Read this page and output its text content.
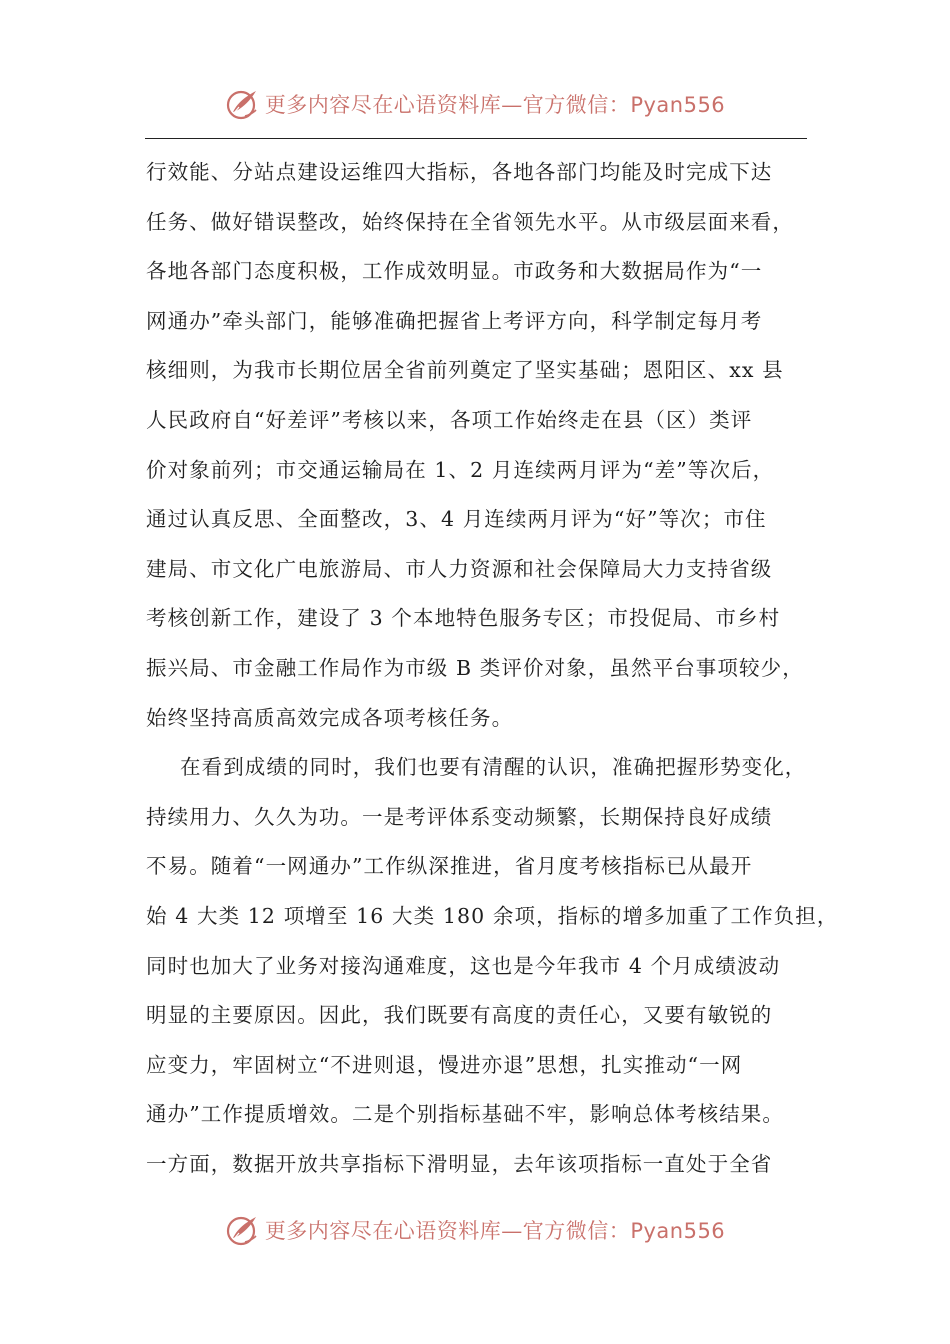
更多内容尽在心语资料库—官方微信：Pyan556
行效能、分站点建设运维四大指标，各地各部门均能及时完成下达
任务、做好错误整改，始终保持在全省领先水平。从市级层面来看，
各地各部门态度积极，工作成效明显。市政务和大数据局作为“一
网通办”牵头部门，能够准确把握省上考评方向，科学制定每月考
核细则，为我市长期位居全省前列奠定了坚实基础；恩阳区、xx 县
人民政府自“好差评”考核以来，各项工作始终走在县（区）类评
价对象前列；市交通运输局在 1、2 月连续两月评为“差”等次后，
通过认真反思、全面整改，3、4 月连续两月评为“好”等次；市住
建局、市文化广电旅游局、市人力资源和社会保障局大力支持省级
考核创新工作，建设了 3 个本地特色服务专区；市投促局、市乡村
振兴局、市金融工作局作为市级 B 类评价对象，虽然平台事项较少，
始终坚持高质高效完成各项考核任务。
在看到成绩的同时，我们也要有清醒的认识，准确把握形势变化，
持续用力、久久为功。一是考评体系变动频繁，长期保持良好成绩
不易。随着“一网通办”工作纵深推进，省月度考核指标已从最开
始 4 大类 12 项增至 16 大类 180 余项，指标的增多加重了工作负担，
同时也加大了业务对接沟通难度，这也是今年我市 4 个月成绩波动
明显的主要原因。因此，我们既要有高度的责任心，又要有敏锐的
应变力，牢固树立“不进则退，慢进亦退”思想，扎实推动“一网
通办”工作提质增效。二是个别指标基础不牢，影响总体考核结果。
一方面，数据开放共享指标下滑明显，去年该项指标一直处于全省
更多内容尽在心语资料库—官方微信：Pyan556
